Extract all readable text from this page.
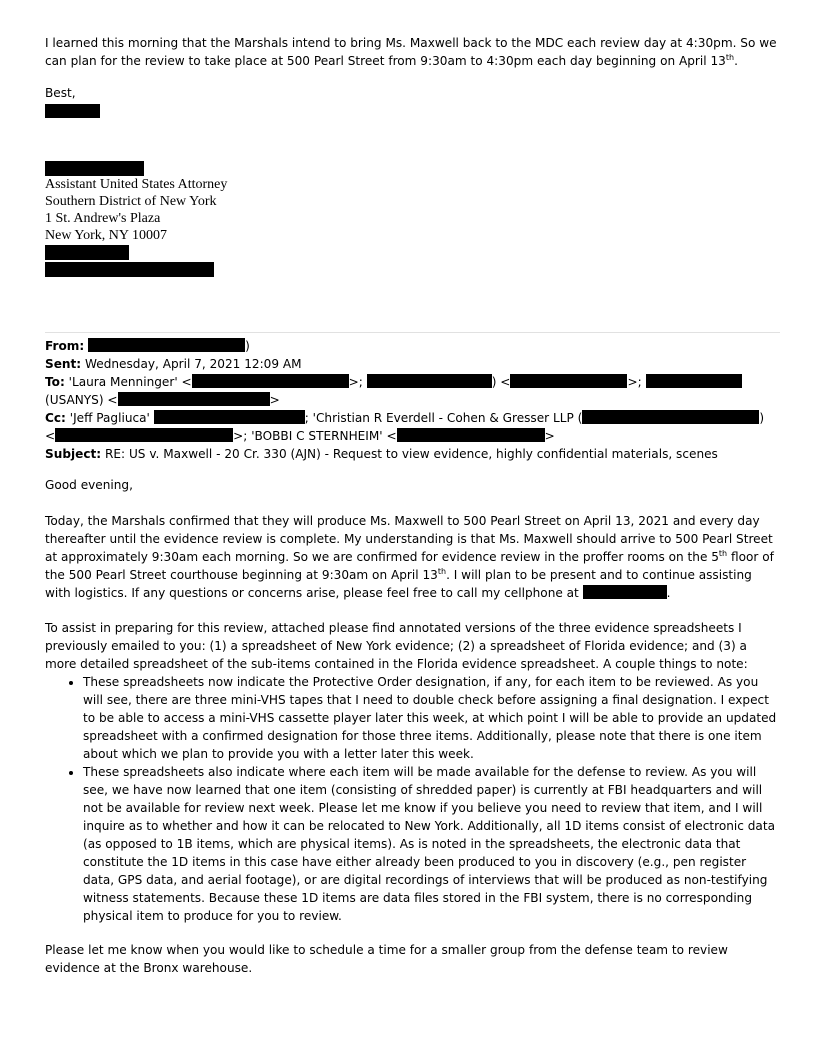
I learned this morning that the Marshals intend to bring Ms. Maxwell back to the MDC each review day at 4:30pm. So we can plan for the review to take place at 500 Pearl Street from 9:30am to 4:30pm each day beginning on April 13th.

Best,

Assistant United States Attorney
Southern District of New York
1 St. Andrew's Plaza
New York, NY 10007
From:	)
Sent: Wednesday, April 7, 2021 12:09 AM
To: 'Laura Menninger' <	>;	) <	>;
(USANYS) <	>
Cc: 'Jeff Pagliuca'	; 'Christian R Everdell - Cohen & Gresser LLP (	)
<	>; 'BOBBI C STERNHEIM' <	>
Subject: RE: US v. Maxwell - 20 Cr. 330 (AJN) - Request to view evidence, highly confidential materials, scenes

Good evening,

Today, the Marshals confirmed that they will produce Ms. Maxwell to 500 Pearl Street on April 13, 2021 and every day thereafter until the evidence review is complete. My understanding is that Ms. Maxwell should arrive to 500 Pearl Street at approximately 9:30am each morning. So we are confirmed for evidence review in the proffer rooms on the 5th floor of the 500 Pearl Street courthouse beginning at 9:30am on April 13th. I will plan to be present and to continue assisting with logistics. If any questions or concerns arise, please feel free to call my cellphone at	.

To assist in preparing for this review, attached please find annotated versions of the three evidence spreadsheets I previously emailed to you: (1) a spreadsheet of New York evidence; (2) a spreadsheet of Florida evidence; and (3) a more detailed spreadsheet of the sub-items contained in the Florida evidence spreadsheet. A couple things to note:

• These spreadsheets now indicate the Protective Order designation, if any, for each item to be reviewed. As you will see, there are three mini-VHS tapes that I need to double check before assigning a final designation. I expect to be able to access a mini-VHS cassette player later this week, at which point I will be able to provide an updated spreadsheet with a confirmed designation for those three items. Additionally, please note that there is one item about which we plan to provide you with a letter later this week.
• These spreadsheets also indicate where each item will be made available for the defense to review. As you will see, we have now learned that one item (consisting of shredded paper) is currently at FBI headquarters and will not be available for review next week. Please let me know if you believe you need to review that item, and I will inquire as to whether and how it can be relocated to New York. Additionally, all 1D items consist of electronic data (as opposed to 1B items, which are physical items). As is noted in the spreadsheets, the electronic data that constitute the 1D items in this case have either already been produced to you in discovery (e.g., pen register data, GPS data, and aerial footage), or are digital recordings of interviews that will be produced as non-testifying witness statements. Because these 1D items are data files stored in the FBI system, there is no corresponding physical item to produce for you to review.

Please let me know when you would like to schedule a time for a smaller group from the defense team to review evidence at the Bronx warehouse.
